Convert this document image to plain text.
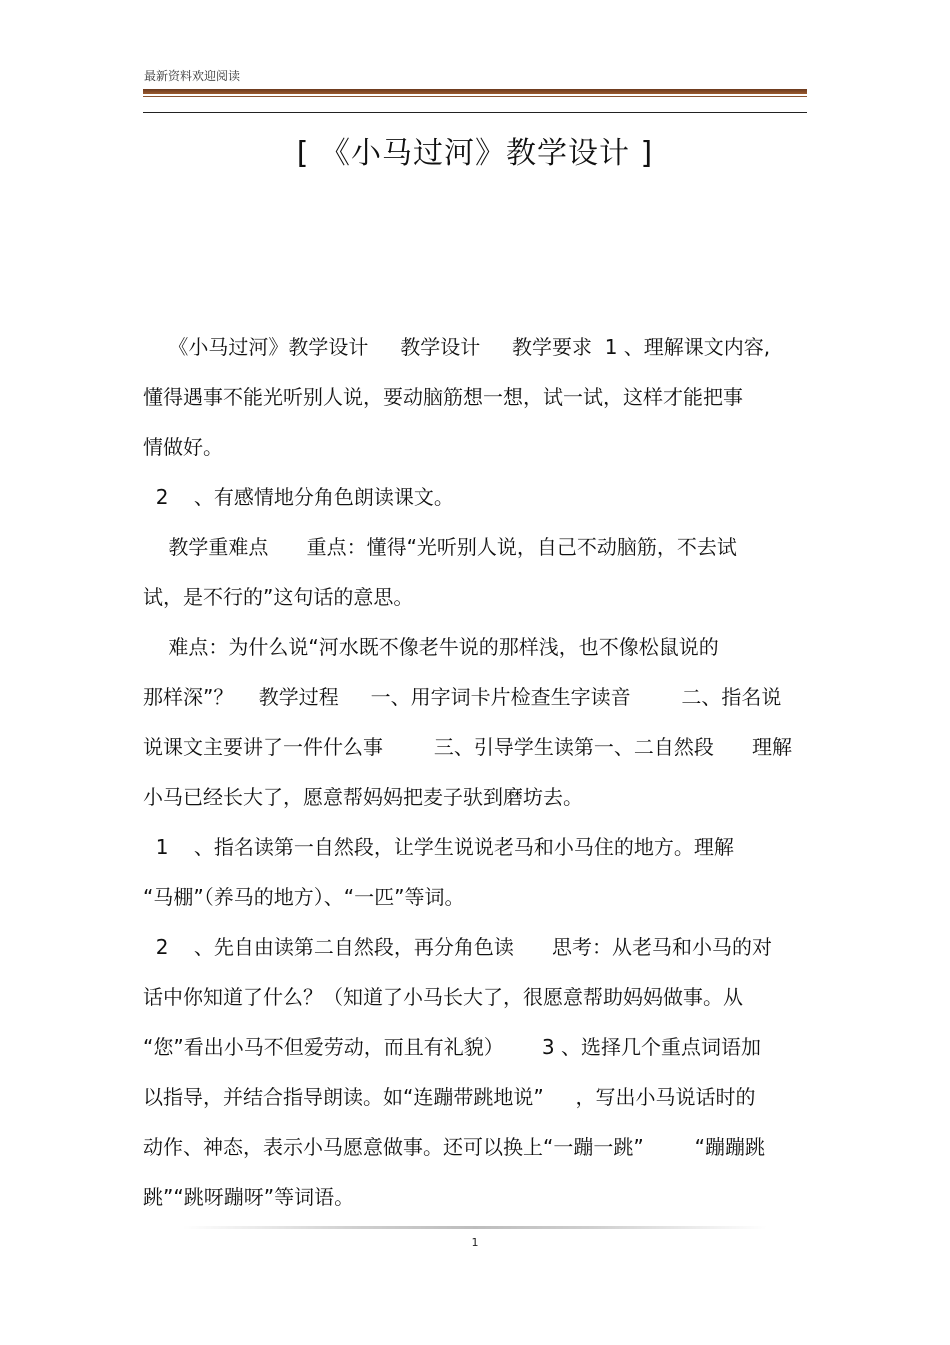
最新资料欢迎阅读
[ 《小马过河》教学设计 ]
《小马过河》教学设计     教学设计     教学要求  1 、理解课文内容,
懂得遇事不能光听别人说，要动脑筋想一想，试一试，这样才能把事
情做好。
2    、有感情地分角色朗读课文。
教学重难点      重点：懂得“光听别人说，自己不动脑筋，不去试
试，是不行的”这句话的意思。
难点：为什么说“河水既不像老牛说的那样浅，也不像松鼠说的
那样深”？    教学过程     一、用字词卡片检查生字读音        二、指名说
说课文主要讲了一件什么事        三、引导学生读第一、二自然段      理解
小马已经长大了，愿意帮妈妈把麦子驮到磨坊去。
1    、指名读第一自然段，让学生说说老马和小马住的地方。理解
“马棚”（养马的地方）、“一匹”等词。
2    、先自由读第二自然段，再分角色读      思考：从老马和小马的对
话中你知道了什么？（知道了小马长大了，很愿意帮助妈妈做事。从
“您”看出小马不但爱劳动，而且有礼貌）      3 、选择几个重点词语加
以指导，并结合指导朗读。如“连蹦带跳地说”     ，写出小马说话时的
动作、神态，表示小马愿意做事。还可以换上“一蹦一跳”        “蹦蹦跳
跳”“跳呀蹦呀”等词语。
1
